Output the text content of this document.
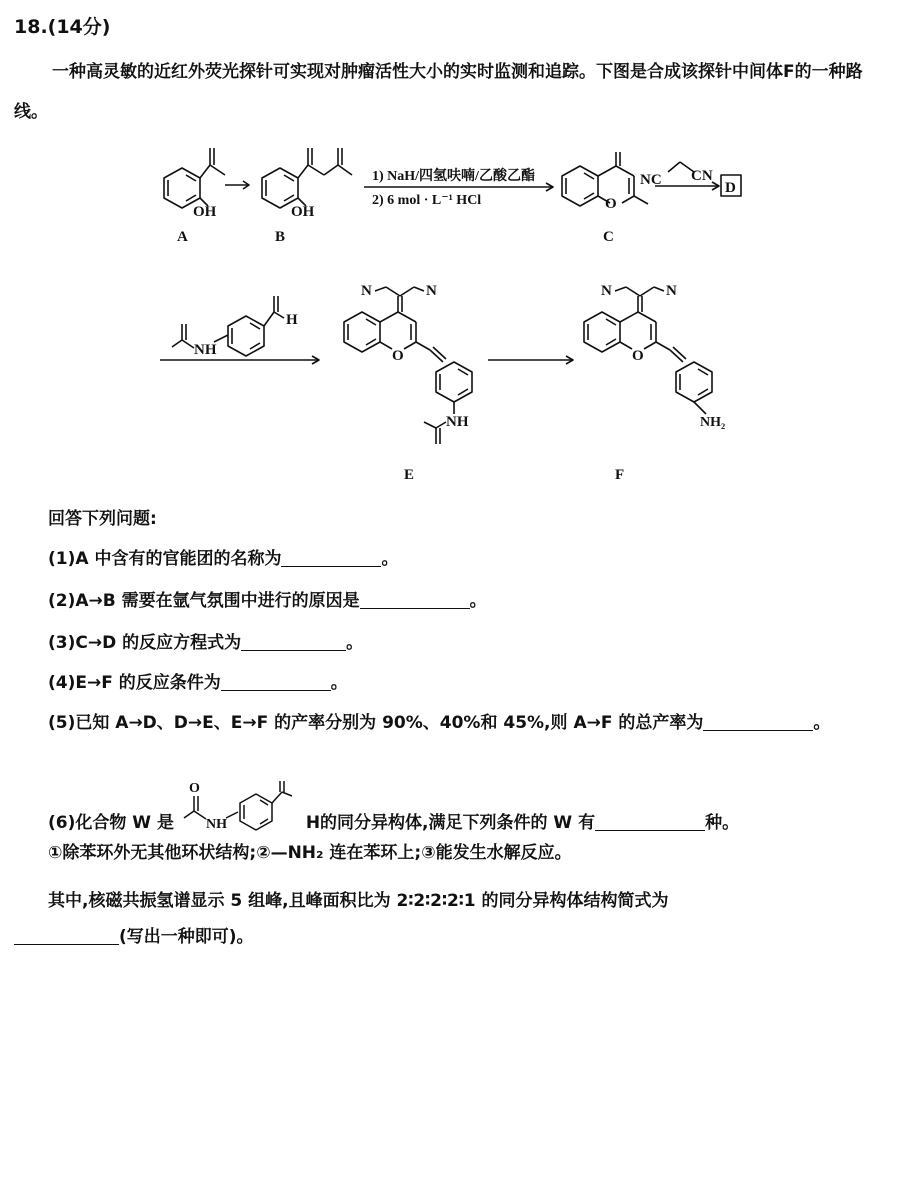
18.(14分)
一种高灵敏的近红外荧光探针可实现对肿瘤活性大小的实时监测和追踪。下图是合成该探针中间体F的一种路线。
OH	OH	O
NC CN
1) NaH/四氢呋喃/乙酸乙酯
2) 6 mol · L⁻¹ HCl
NH
H
N	N
O
NH
N	N
O
NH₂
D
A	B	C
E	F
回答下列问题:
(1)A 中含有的官能团的名称为	。
(2)A→B 需要在氩气氛围中进行的原因是	。
(3)C→D 的反应方程式为	。
(4)E→F 的反应条件为	。
(5)已知 A→D、D→E、E→F 的产率分别为 90%、40%和 45%,则 A→F 的总产率为	。
(6)化合物 W 是
O
NH	H的同分异构体,满足下列条件的 W 有	种。
①除苯环外无其他环状结构;②—NH₂ 连在苯环上;③能发生水解反应。
其中,核磁共振氢谱显示 5 组峰,且峰面积比为 2∶2∶2∶2∶1 的同分异构体结构简式为
(写出一种即可)。
